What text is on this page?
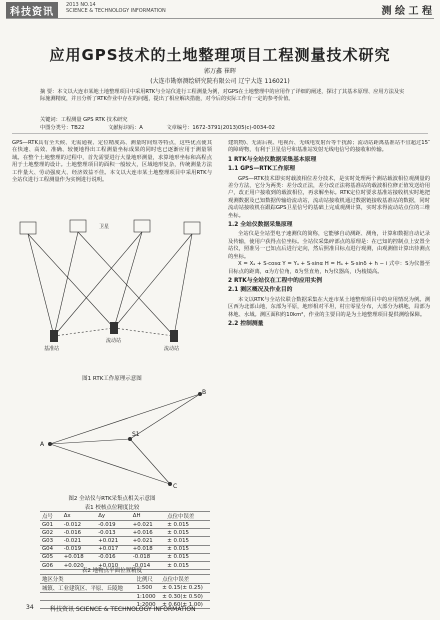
科技资讯
2013 NO.14
SCIENCE & TECHNOLOGY INFORMATION	测 绘 工 程
应用GPS技术的土地整理项目工程测量技术研究
郭万鑫 崔晖
(大连市勘察测绘研究院有限公司 辽宁大连 116021)
摘 要：本文以大连市某地土地整理项目中采用RTK与全站仪进行工程测量为例，对GPS在土地整理中的应用作了详细的阐述，探讨了其基本原理、应用方法及实际施测精度，并且分析了RTK作业中存在的问题，提出了相应解决措施，对今后的实际工作有一定的参考价值。
关键词：工程测量 GPS RTK 技术研究
中图分类号：TB22	文献标识码：A	文章编号：1672-3791(2013)05(c)-0034-02
GPS—RTK具有全天候、无需通视、定位精度高、测量时间短等特点，这些优点使其在快速、高效、准确、较便地得出工程测量坐标成果的同时也已逐渐应用于测量领域。在整个土地整理的过程中，首先需要进行大量地形测量，求算地形坐标和高程点用于土地整理的设计。土地整理项目的面积一般较大，区域地形复杂，传统测量方法工作量大、劳动强度大、经济效益不佳。本文以大连市某土地整理项目中采用RTK与全站仪进行工程测量作为实例进行说明。
基准站
流动站
流动站
卫星
图1 RTK工作原理示意图
A
B
C
S1
图2 全站仪与RTK采集点相关示意图
表1 校核点位精度比较
点号	Δx	Δy	ΔH	点位中误差
G01	-0.012	-0.019	+0.021	± 0.015
G02	-0.016	-0.013	+0.016	± 0.015
G03	-0.021	+0.021	+0.021	± 0.015
G04	-0.019	+0.017	+0.018	± 0.015
G05	+0.018	-0.016	-0.018	± 0.015
G06	+0.020	+0.010	-0.014	± 0.015
表2 地物点平面位置精度
地区分类	比例尺	点位中误差
城镇、工业建筑区、平原、丘陵地	1:500	± 0.15(± 0.25)
	1:1000	± 0.30(± 0.50)
	1:2000	± 0.60(± 1.00)
建筑物)、无需后视、电视台、无线电发射台等干扰源；流动站距离基准站不宜超过15″的障碍物，有利于卫星信号和基准站发射无线电信号的接收和传输。
1 RTK与全站仪数据采集基本原理
1.1 GPS—RTK工作原理
GPS—RTK技术即实时载波相位差分技术，是实时处理两个测站载波相位观测量的差分方法，它分为两类：差分改正法，差分改正法将基准站的载波相位修正值发送给用户，改正用户接收到的载波相位，再求解坐标。RTK定位时要求基准站接收机实时地把观测数据及已知数据传输给流动站，流动站接收机通过数据链接收基准站的数据，同时流动站接收机在跟踪GPS卫星信号的基础上完成观测计算，实时求得流动站点位的三维坐标。
1.2 全站仪数据采集原理
全站仪是全站型电子速测仪的简称，它能够自动测距、测角，计算和数据自动记录及传输，使用户获得点位坐标。全站仪采集碎部点的原理是：在已知的控制点上安置全站仪，照准另一已知点后进行定向，然后照准目标点进行观测，由观测值计算出待测点的坐标。
X = Xₐ + S·cosα Y = Yₐ + S·sinα H = Hₐ + S·sinδ + h − i 式中：S为仪器至目标点的距离，α为方位角，δ为竖直角，h为仪器高，i为棱镜高。
2 RTK与全站仪在工程中的应用实例
2.1 测区概况及作业目的
本文以RTK与全站仪联合数据采集在大连市某土地整理项目中的应用情况为例。测区西为北部山地，东部为平原，地形相对平坦，村庄零星分布，大部分为耕地，局部为林地、水域。测区面积约10km²，作业的主要目的是为土地整理项目提供测绘保障。
2.2 控制测量
34	科技资讯 SCIENCE & TECHNOLOGY INFORMATION
